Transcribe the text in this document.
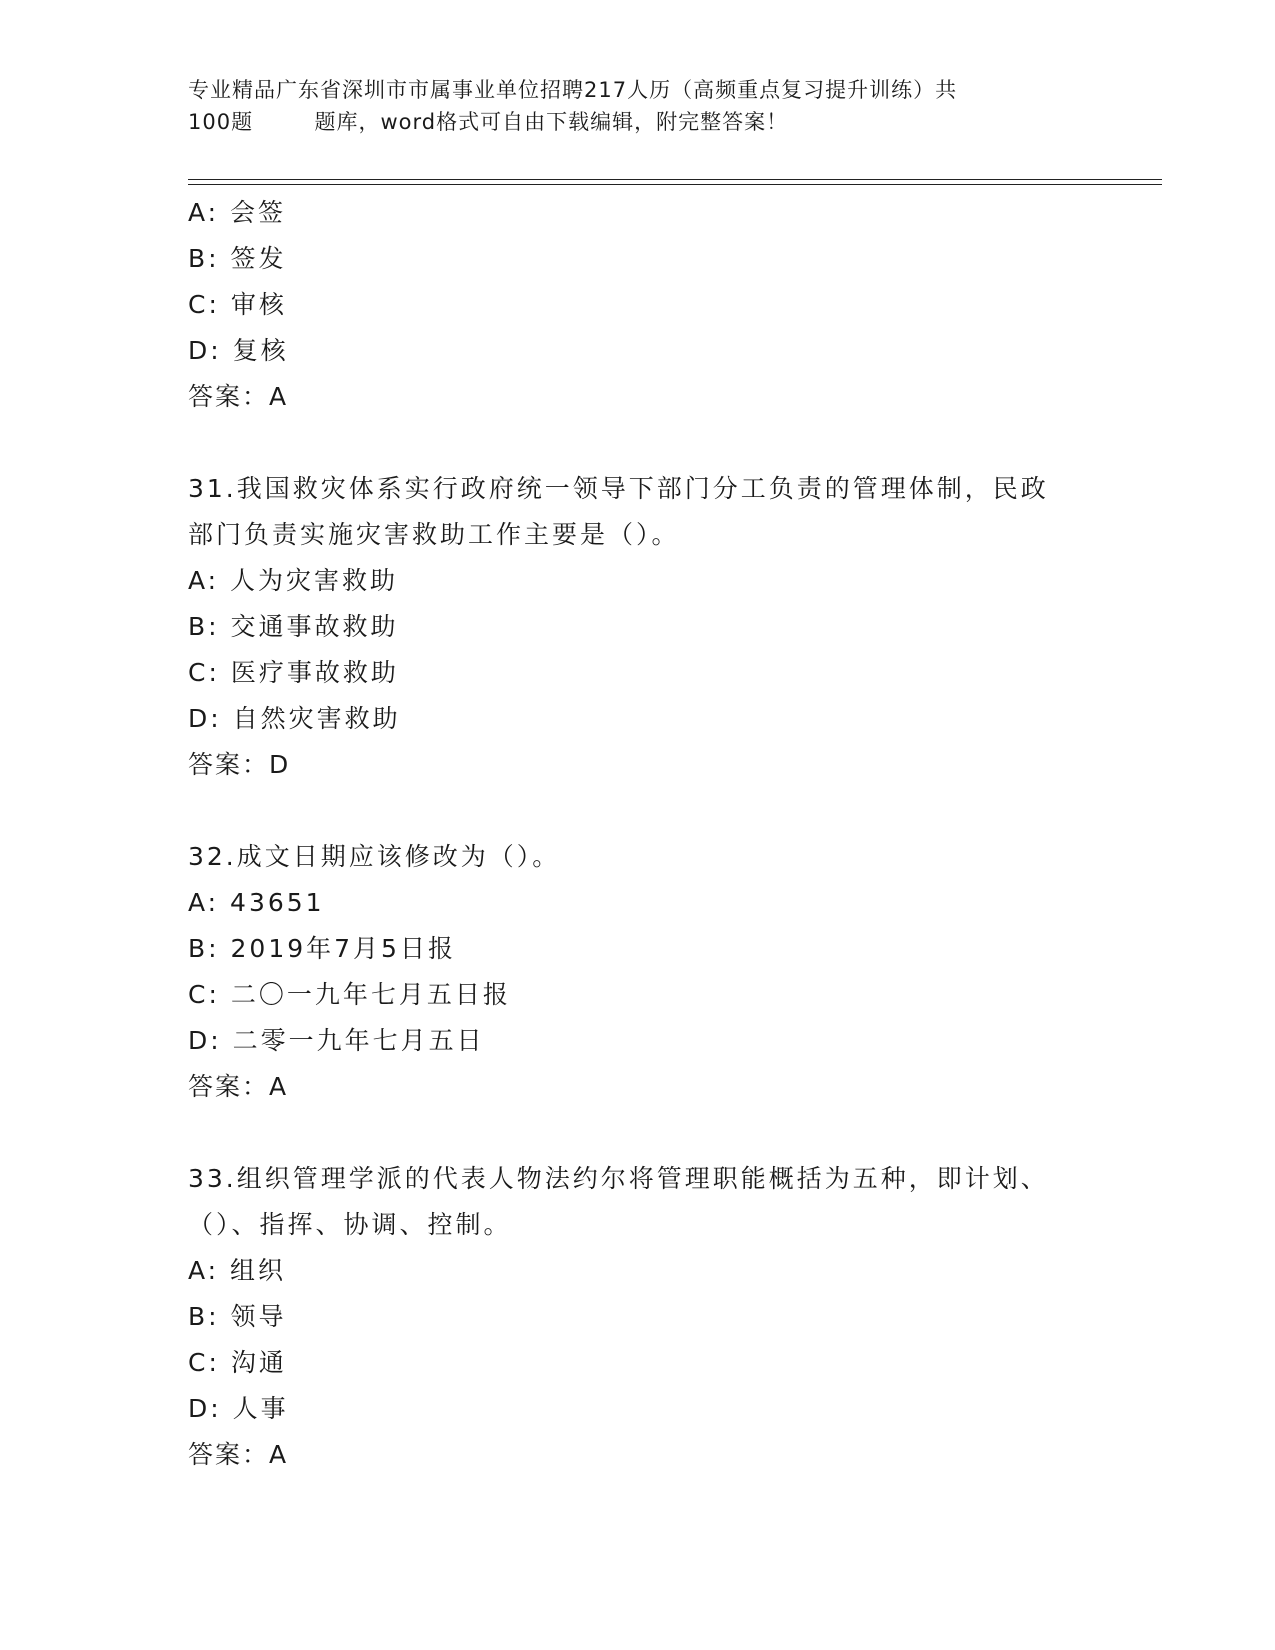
专业精品广东省深圳市市属事业单位招聘217人历（高频重点复习提升训练）共
100题        题库，word格式可自由下载编辑，附完整答案！
A: 会签
B: 签发
C: 审核
D: 复核
答案：A
31.我国救灾体系实行政府统一领导下部门分工负责的管理体制，民政
部门负责实施灾害救助工作主要是（）。
A: 人为灾害救助
B: 交通事故救助
C: 医疗事故救助
D: 自然灾害救助
答案：D
32.成文日期应该修改为（）。
A: 43651
B: 2019年7月5日报
C: 二〇一九年七月五日报
D: 二零一九年七月五日
答案：A
33.组织管理学派的代表人物法约尔将管理职能概括为五种，即计划、
（）、指挥、协调、控制。
A: 组织
B: 领导
C: 沟通
D: 人事
答案：A
